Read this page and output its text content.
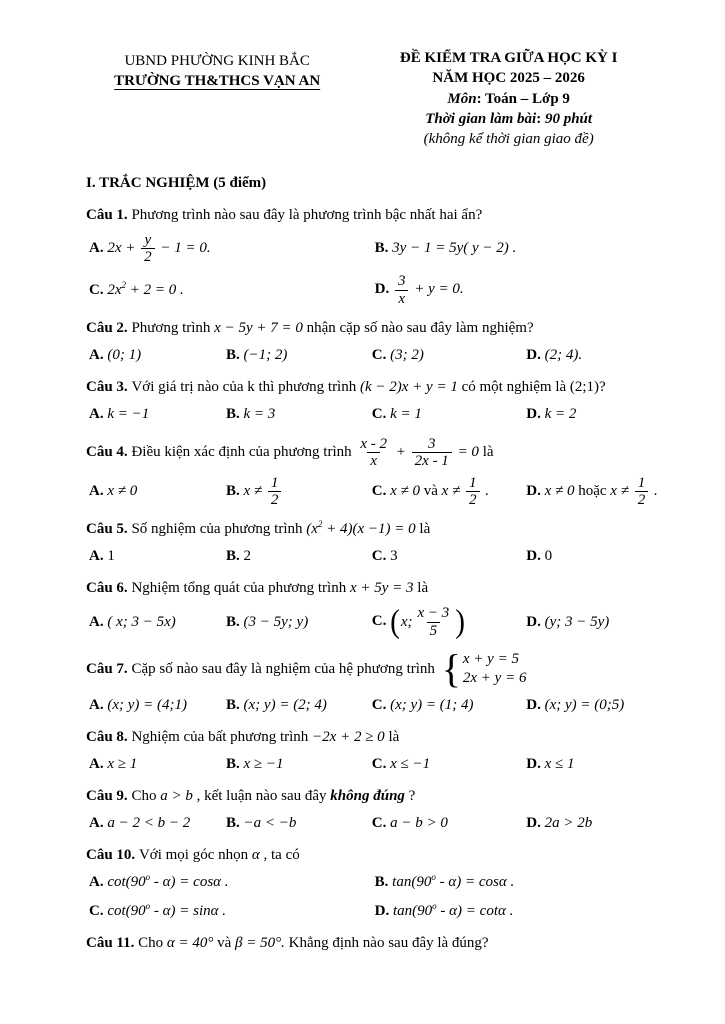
UBND PHƯỜNG KINH BẮC
TRƯỜNG TH&THCS VẠN AN
ĐỀ KIỂM TRA GIỮA HỌC KỲ I
NĂM HỌC 2025 – 2026
Môn: Toán – Lớp 9
Thời gian làm bài: 90 phút
(không kể thời gian giao đề)
I. TRẮC NGHIỆM (5 điểm)
Câu 1. Phương trình nào sau đây là phương trình bậc nhất hai ẩn?
A. $2x + \frac{y}{2} - 1 = 0$.	B. 3y − 1 = 5y( y − 2) .
C. $2x^2 + 2 = 0$ .	D. $\frac{3}{x} + y = 0$.
Câu 2. Phương trình x − 5y + 7 = 0 nhận cặp số nào sau đây làm nghiệm?
A. (0; 1)	B. (−1; 2)	C. (3; 2)	D. (2; 4).
Câu 3. Với giá trị nào của k thì phương trình (k − 2)x + y = 1 có một nghiệm là (2;1)?
A. k = −1	B. k = 3	C. k = 1	D. k = 2
Câu 4. Điều kiện xác định của phương trình $\frac{x - 2}{x} + \frac{3}{2x - 1} = 0$ là
A. x ≠ 0	B. $x \ne \frac{1}{2}$	C. x ≠ 0 và $x \ne \frac{1}{2}$ .	D. x ≠ 0 hoặc $x \ne \frac{1}{2}$ .
Câu 5. Số nghiệm của phương trình $(x^2 + 4)(x -1) = 0$ là
A. 1	B. 2	C. 3	D. 0
Câu 6. Nghiệm tổng quát của phương trình x + 5y = 3 là
A. ( x; 3 − 5x)	B. (3 − 5y; y)	C. ( x; $\frac{x - 3}{5}$ )	D. (y; 3 − 5y)
Câu 7. Cặp số nào sau đây là nghiệm của hệ phương trình { x + y = 5
2x + y = 6
A. (x; y) = (4;1)	B. (x; y) = (2; 4)	C. (x; y) = (1; 4)	D. (x; y) = (0;5)
Câu 8. Nghiệm của bất phương trình −2x + 2 ≥ 0 là
A. x ≥ 1	B. x ≥ −1	C. x ≤ −1	D. x ≤ 1
Câu 9. Cho a > b , kết luận nào sau đây không đúng ?
A. a − 2 < b − 2	B. −a < −b	C. a − b > 0	D. 2a > 2b
Câu 10. Với mọi góc nhọn α , ta có
A. cot(90$^o$ - α) = cosα .	B. tan(90$^o$ - α) = cosα .
C. cot(90$^o$ - α) = sinα .	D. tan(90$^o$ - α) = cotα .
Câu 11. Cho α = 40° và β = 50°. Khẳng định nào sau đây là đúng?
